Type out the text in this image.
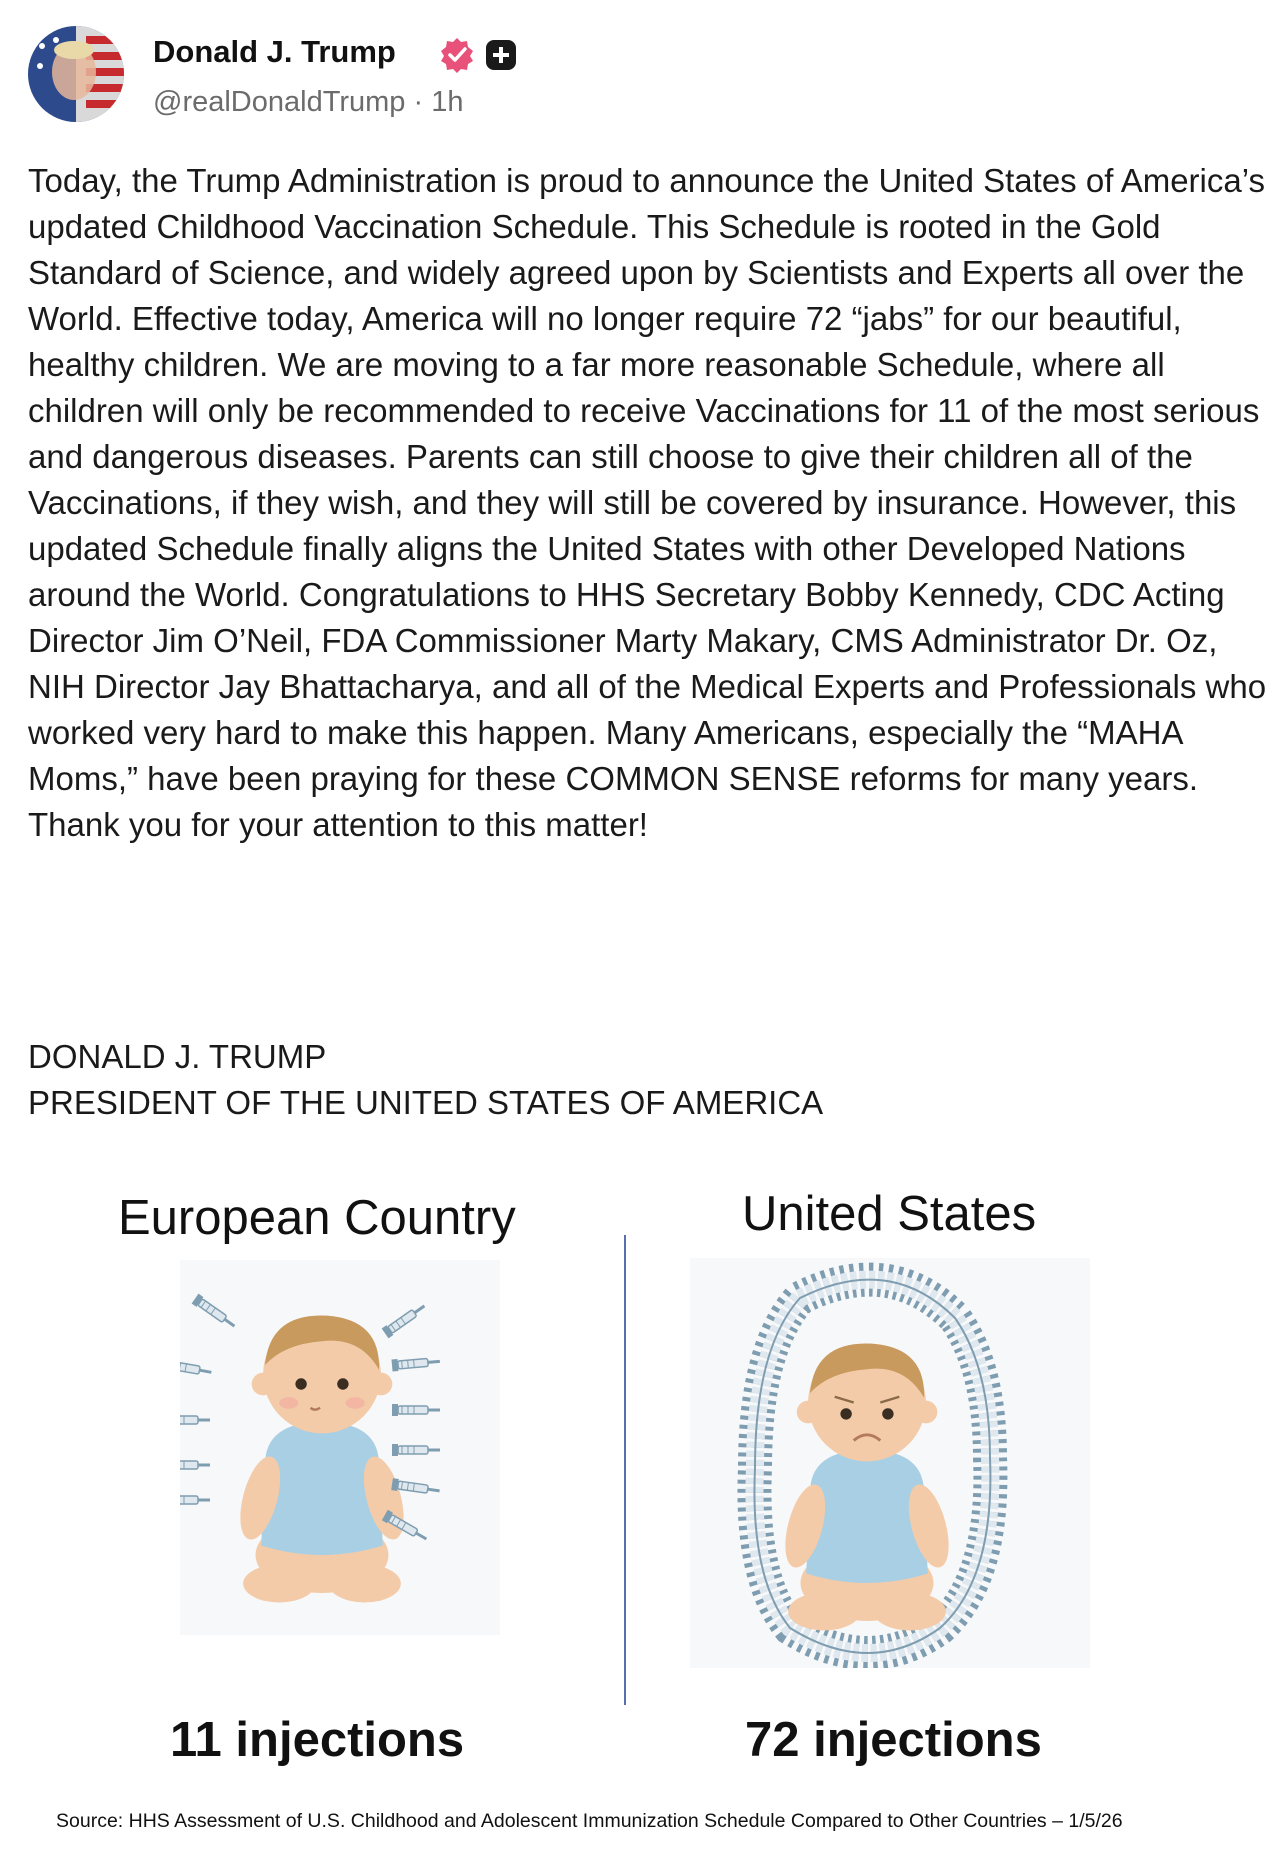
Donald J. Trump
@realDonaldTrump · 1h
Today, the Trump Administration is proud to announce the United States of America’s updated Childhood Vaccination Schedule. This Schedule is rooted in the Gold Standard of Science, and widely agreed upon by Scientists and Experts all over the World. Effective today, America will no longer require 72 “jabs” for our beautiful, healthy children. We are moving to a far more reasonable Schedule, where all children will only be recommended to receive Vaccinations for 11 of the most serious and dangerous diseases. Parents can still choose to give their children all of the Vaccinations, if they wish, and they will still be covered by insurance. However, this updated Schedule finally aligns the United States with other Developed Nations around the World. Congratulations to HHS Secretary Bobby Kennedy, CDC Acting Director Jim O’Neil, FDA Commissioner Marty Makary, CMS Administrator Dr. Oz, NIH Director Jay Bhattacharya, and all of the Medical Experts and Professionals who worked very hard to make this happen. Many Americans, especially the “MAHA Moms,” have been praying for these COMMON SENSE reforms for many years. Thank you for your attention to this matter!
DONALD J. TRUMP
PRESIDENT OF THE UNITED STATES OF AMERICA
European Country	United States
11 injections	72 injections
Source: HHS Assessment of U.S. Childhood and Adolescent Immunization Schedule Compared to Other Countries – 1/5/26
